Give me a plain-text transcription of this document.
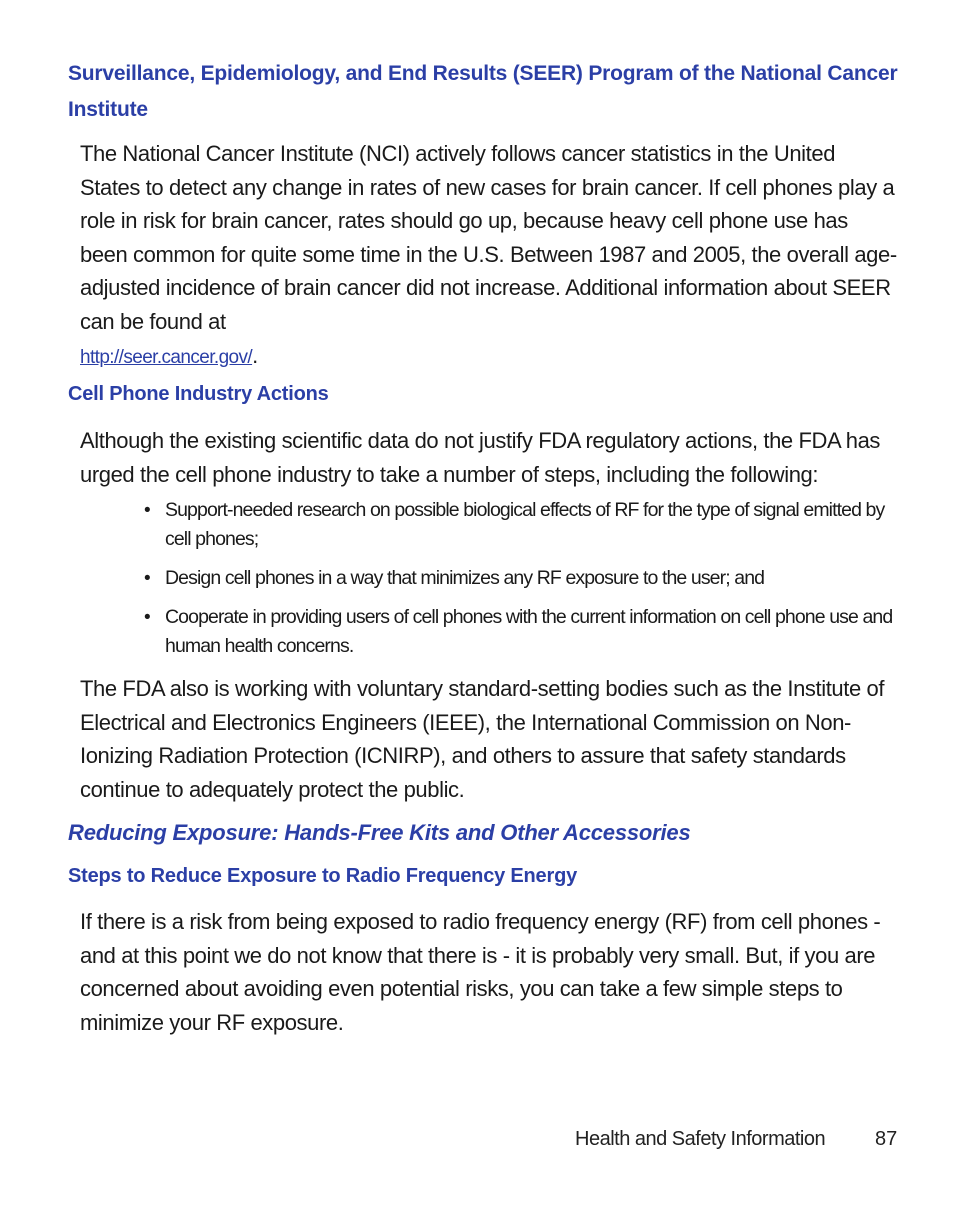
Surveillance, Epidemiology, and End Results (SEER) Program of the National Cancer Institute

The National Cancer Institute (NCI) actively follows cancer statistics in the United States to detect any change in rates of new cases for brain cancer. If cell phones play a role in risk for brain cancer, rates should go up, because heavy cell phone use has been common for quite some time in the U.S. Between 1987 and 2005, the overall age-adjusted incidence of brain cancer did not increase. Additional information about SEER can be found at
http://seer.cancer.gov/.

Cell Phone Industry Actions

Although the existing scientific data do not justify FDA regulatory actions, the FDA has urged the cell phone industry to take a number of steps, including the following:

• Support-needed research on possible biological effects of RF for the type of signal emitted by cell phones;
• Design cell phones in a way that minimizes any RF exposure to the user; and
• Cooperate in providing users of cell phones with the current information on cell phone use and human health concerns.

The FDA also is working with voluntary standard-setting bodies such as the Institute of Electrical and Electronics Engineers (IEEE), the International Commission on Non-Ionizing Radiation Protection (ICNIRP), and others to assure that safety standards continue to adequately protect the public.

Reducing Exposure: Hands-Free Kits and Other Accessories
Steps to Reduce Exposure to Radio Frequency Energy

If there is a risk from being exposed to radio frequency energy (RF) from cell phones - and at this point we do not know that there is - it is probably very small. But, if you are concerned about avoiding even potential risks, you can take a few simple steps to minimize your RF exposure.

Health and Safety Information 87
